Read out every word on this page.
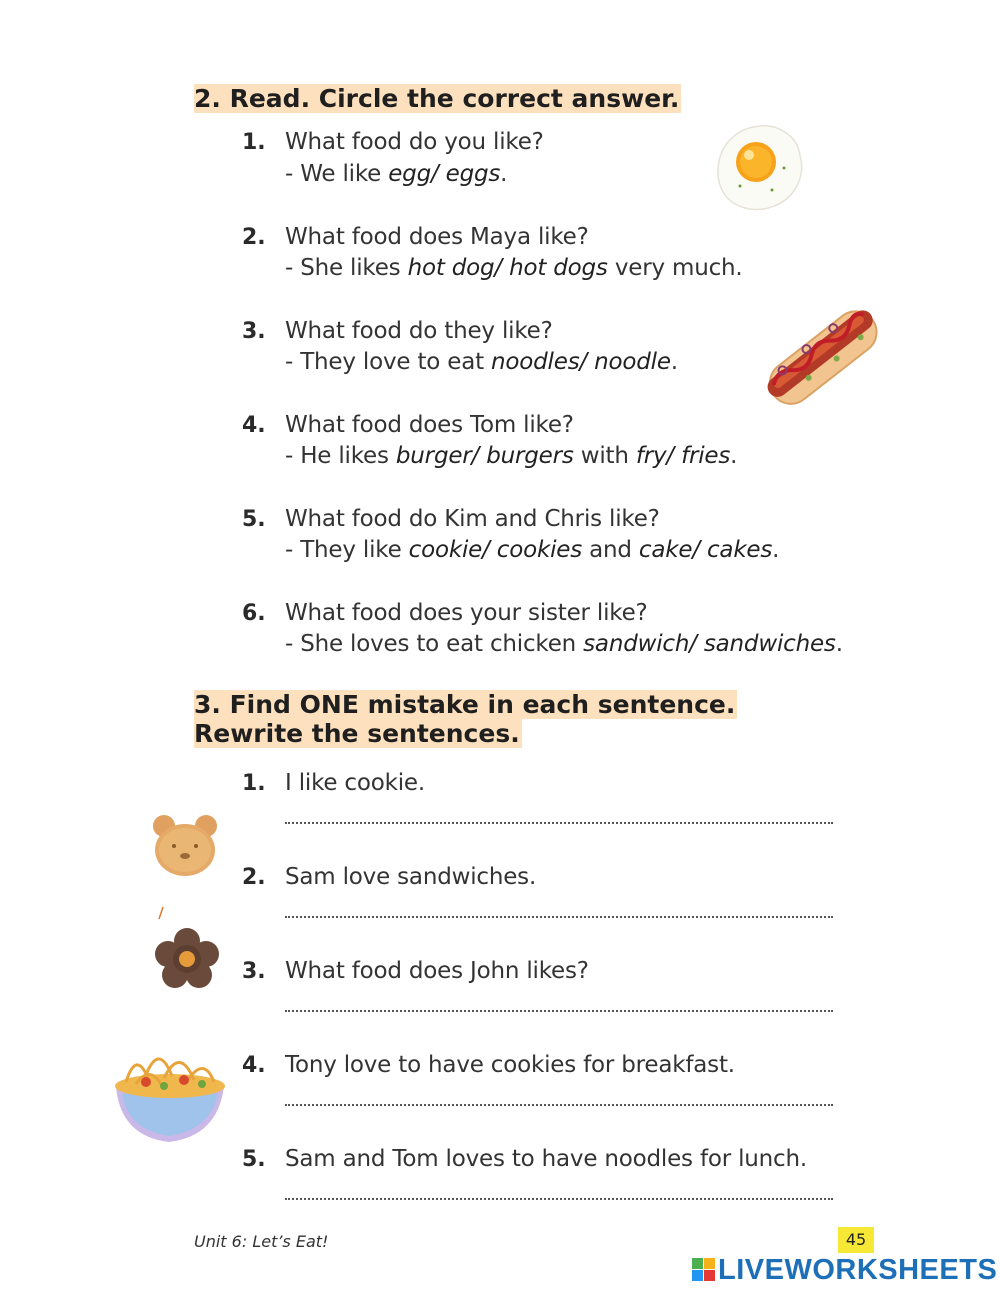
2. Read. Circle the correct answer.
1. What food do you like?
- We like egg/ eggs.
2. What food does Maya like?
- She likes hot dog/ hot dogs very much.
3. What food do they like?
- They love to eat noodles/ noodle.
4. What food does Tom like?
- He likes burger/ burgers with fry/ fries.
5. What food do Kim and Chris like?
- They like cookie/ cookies and cake/ cakes.
6. What food does your sister like?
- She loves to eat chicken sandwich/ sandwiches.
3. Find ONE mistake in each sentence.
Rewrite the sentences.
1. I like cookie.
2. Sam love sandwiches.
3. What food does John likes?
4. Tony love to have cookies for breakfast.
5. Sam and Tom loves to have noodles for lunch.
Unit 6: Let’s Eat!	45
LIVEWORKSHEETS
